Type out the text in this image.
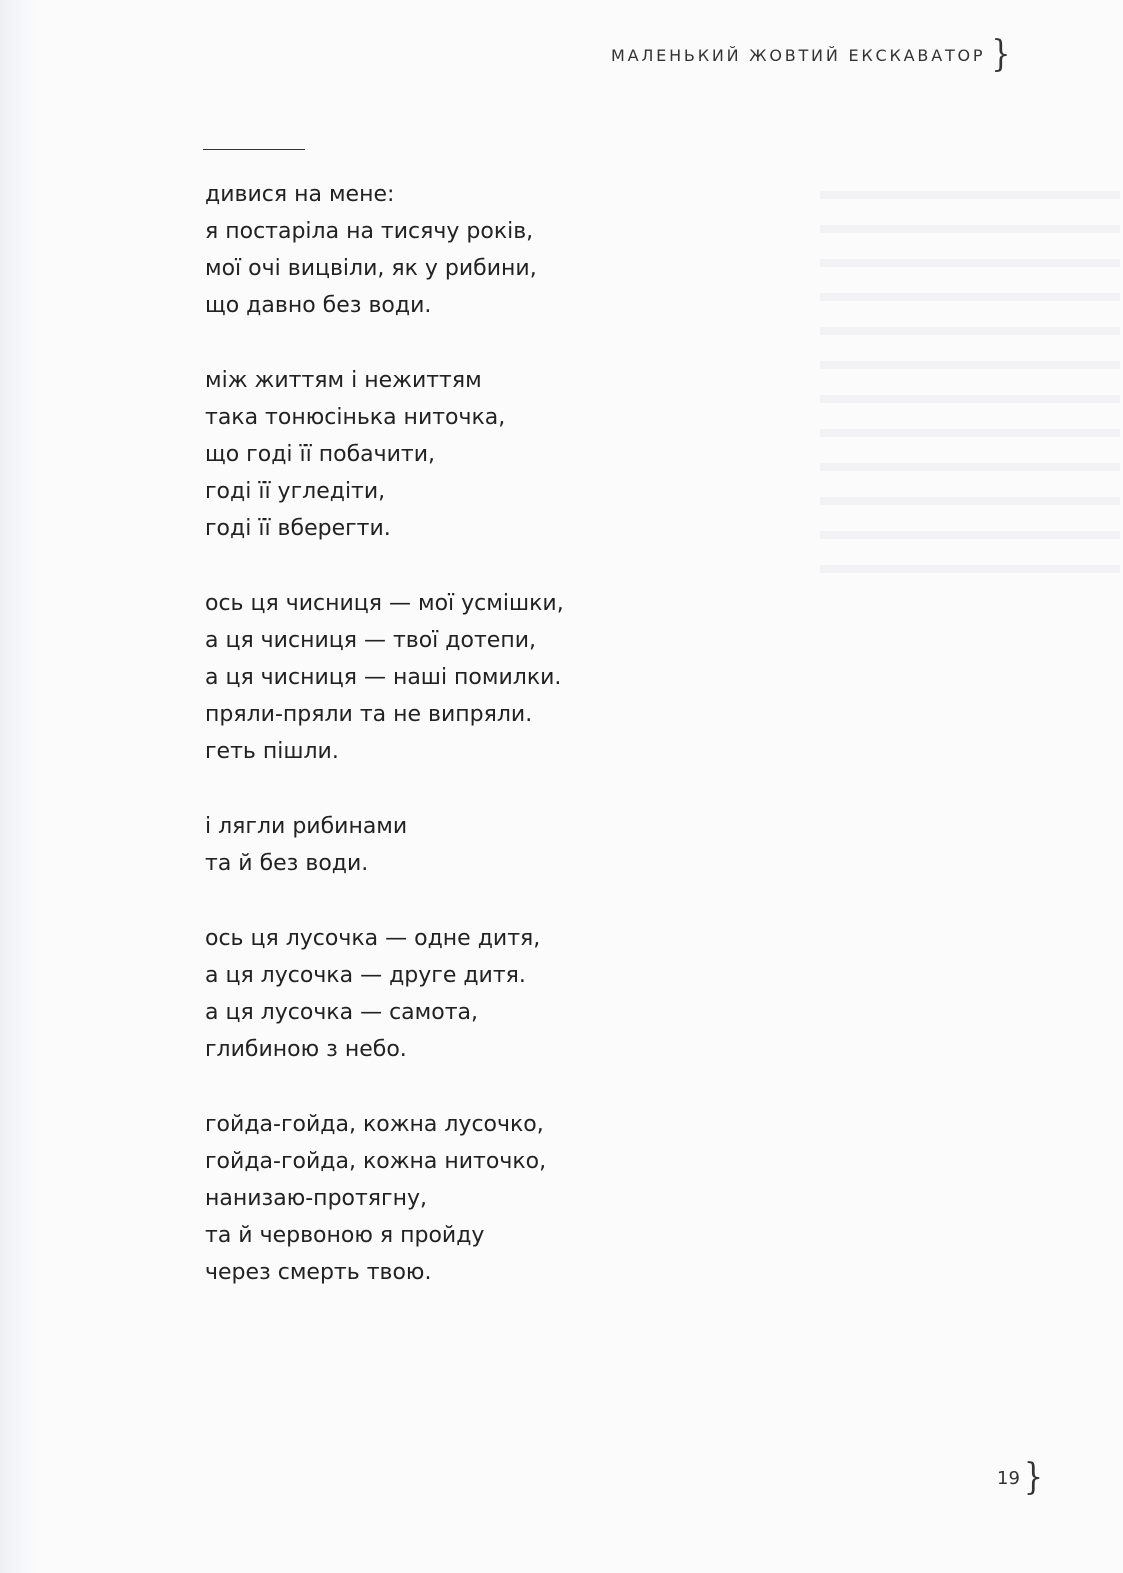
МАЛЕНЬКИЙ ЖОВТИЙ ЕКСКАВАТОР }
дивися на мене:
я постаріла на тисячу років,
мої очі вицвіли, як у рибини,
що давно без води.
між життям і нежиттям
така тонюсінька ниточка,
що годі її побачити,
годі її угледіти,
годі її вберегти.
ось ця чисниця — мої усмішки,
а ця чисниця — твої дотепи,
а ця чисниця — наші помилки.
пряли-пряли та не випряли.
геть пішли.
і лягли рибинами
та й без води.
ось ця лусочка — одне дитя,
а ця лусочка — друге дитя.
а ця лусочка — самота,
глибиною з небо.
гойда-гойда, кожна лусочко,
гойда-гойда, кожна ниточко,
нанизаю-протягну,
та й червоною я пройду
через смерть твою.
19 }
